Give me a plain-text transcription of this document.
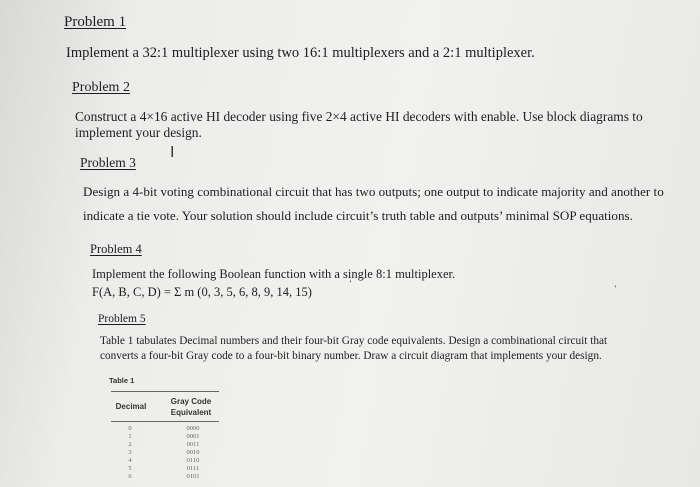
Problem 1
Implement a 32:1 multiplexer using two 16:1 multiplexers and a 2:1 multiplexer.
Problem 2
Construct a 4×16 active HI decoder using five 2×4 active HI decoders with enable. Use block diagrams to
implement your design.
Problem 3
I
Design a 4-bit voting combinational circuit that has two outputs; one output to indicate majority and another to
indicate a tie vote. Your solution should include circuit’s truth table and outputs’ minimal SOP equations.
Problem 4
Implement the following Boolean function with a single 8:1 multiplexer.
F(A, B, C, D) = Σ m (0, 3, 5, 6, 8, 9, 14, 15)	ʼ	ʼ
Problem 5
Table 1 tabulates Decimal numbers and their four-bit Gray code equivalents. Design a combinational circuit that
converts a four-bit Gray code to a four-bit binary number. Draw a circuit diagram that implements your design.
Table 1
Decimal
Gray Code
Equivalent
0	0000
1	0001
2	0011
3	0010
4	0110
5	0111
6	0101
